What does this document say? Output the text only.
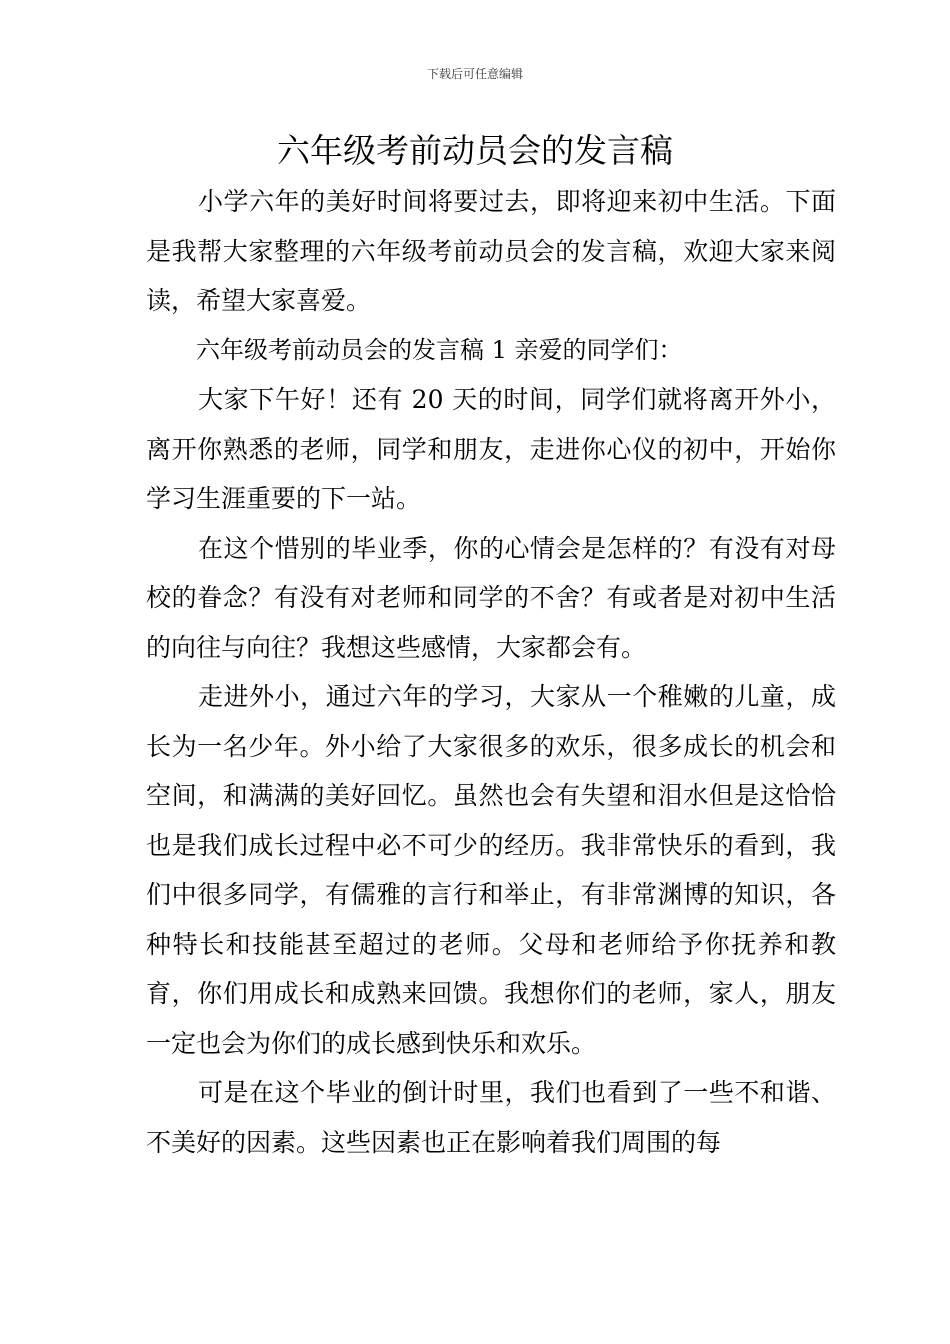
下载后可任意编辑
六年级考前动员会的发言稿

小学六年的美好时间将要过去，即将迎来初中生活。下面是我帮大家整理的六年级考前动员会的发言稿，欢迎大家来阅读，希望大家喜爱。

六年级考前动员会的发言稿 1 亲爱的同学们：

大家下午好！还有 20 天的时间，同学们就将离开外小，离开你熟悉的老师，同学和朋友，走进你心仪的初中，开始你学习生涯重要的下一站。

在这个惜别的毕业季，你的心情会是怎样的？有没有对母校的眷念？有没有对老师和同学的不舍？有或者是对初中生活的向往与向往？我想这些感情，大家都会有。

走进外小，通过六年的学习，大家从一个稚嫩的儿童，成长为一名少年。外小给了大家很多的欢乐，很多成长的机会和空间，和满满的美好回忆。虽然也会有失望和泪水但是这恰恰也是我们成长过程中必不可少的经历。我非常快乐的看到，我们中很多同学，有儒雅的言行和举止，有非常渊博的知识，各种特长和技能甚至超过的老师。父母和老师给予你抚养和教育，你们用成长和成熟来回馈。我想你们的老师，家人，朋友一定也会为你们的成长感到快乐和欢乐。

可是在这个毕业的倒计时里，我们也看到了一些不和谐、不美好的因素。这些因素也正在影响着我们周围的每
